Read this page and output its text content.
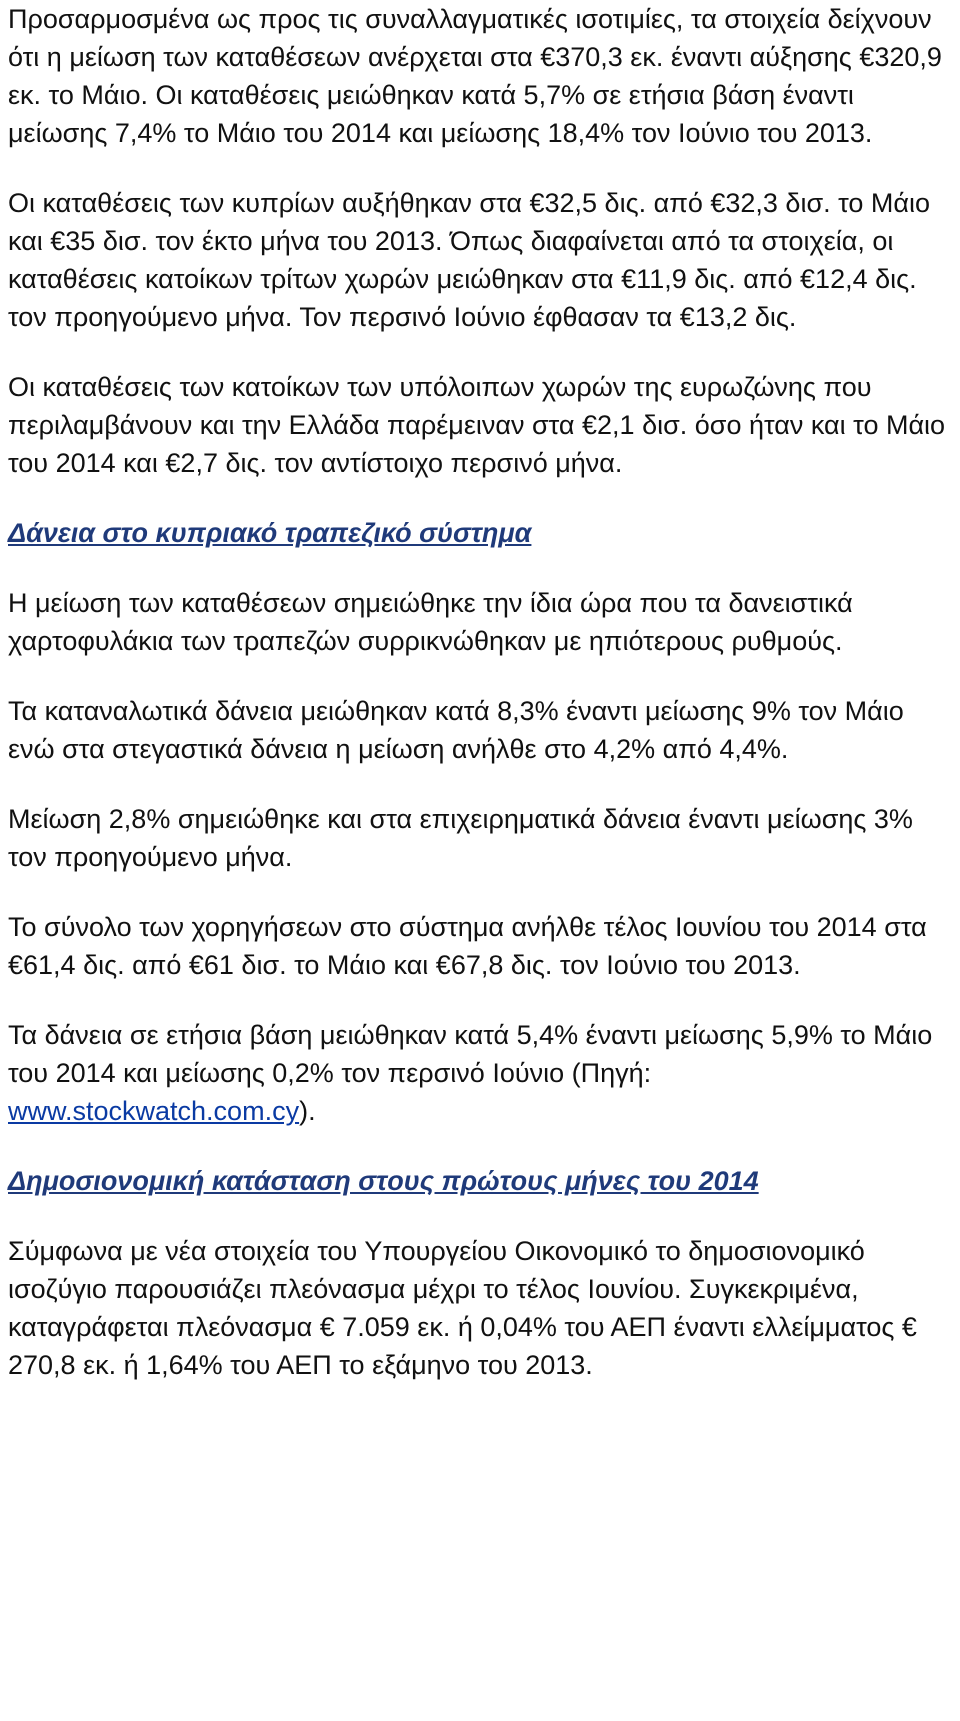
Προσαρμοσμένα ως προς τις συναλλαγματικές ισοτιμίες, τα στοιχεία δείχνουν ότι η μείωση των καταθέσεων ανέρχεται στα €370,3 εκ. έναντι αύξησης €320,9 εκ. το Μάιο. Οι καταθέσεις μειώθηκαν κατά 5,7% σε ετήσια βάση έναντι μείωσης 7,4% το Μάιο του 2014 και μείωσης 18,4% τον Ιούνιο του 2013.

Οι καταθέσεις των κυπρίων αυξήθηκαν στα €32,5 δις. από €32,3 δισ. το Μάιο και €35 δισ. τον έκτο μήνα του 2013. Όπως διαφαίνεται από τα στοιχεία, οι καταθέσεις κατοίκων τρίτων χωρών μειώθηκαν στα €11,9 δις. από €12,4 δις. τον προηγούμενο μήνα. Τον περσινό Ιούνιο έφθασαν τα €13,2 δις.

Οι καταθέσεις των κατοίκων των υπόλοιπων χωρών της ευρωζώνης που περιλαμβάνουν και την Ελλάδα παρέμειναν στα €2,1 δισ. όσο ήταν και το Μάιο του 2014 και €2,7 δις. τον αντίστοιχο περσινό μήνα.

Δάνεια στο κυπριακό τραπεζικό σύστημα

Η μείωση των καταθέσεων σημειώθηκε την ίδια ώρα που τα δανειστικά χαρτοφυλάκια των τραπεζών συρρικνώθηκαν με ηπιότερους ρυθμούς.

Τα καταναλωτικά δάνεια μειώθηκαν κατά 8,3% έναντι μείωσης 9% τον Μάιο ενώ στα στεγαστικά δάνεια η μείωση ανήλθε στο 4,2% από 4,4%.

Μείωση 2,8% σημειώθηκε και στα επιχειρηματικά δάνεια έναντι μείωσης 3% τον προηγούμενο μήνα.

Το σύνολο των χορηγήσεων στο σύστημα ανήλθε τέλος Ιουνίου του 2014 στα €61,4 δις. από €61 δισ. το Μάιο και €67,8 δις. τον Ιούνιο του 2013.

Τα δάνεια σε ετήσια βάση μειώθηκαν κατά 5,4% έναντι μείωσης 5,9% το Μάιο του 2014 και μείωσης 0,2% τον περσινό Ιούνιο (Πηγή: www.stockwatch.com.cy).

Δημοσιονομική κατάσταση στους πρώτους μήνες του 2014

Σύμφωνα με νέα στοιχεία του Υπουργείου Οικονομικό το δημοσιονομικό ισοζύγιο παρουσιάζει πλεόνασμα μέχρι το τέλος Ιουνίου. Συγκεκριμένα, καταγράφεται πλεόνασμα € 7.059 εκ. ή 0,04% του ΑΕΠ έναντι ελλείμματος € 270,8 εκ. ή 1,64% του ΑΕΠ το εξάμηνο του 2013.
